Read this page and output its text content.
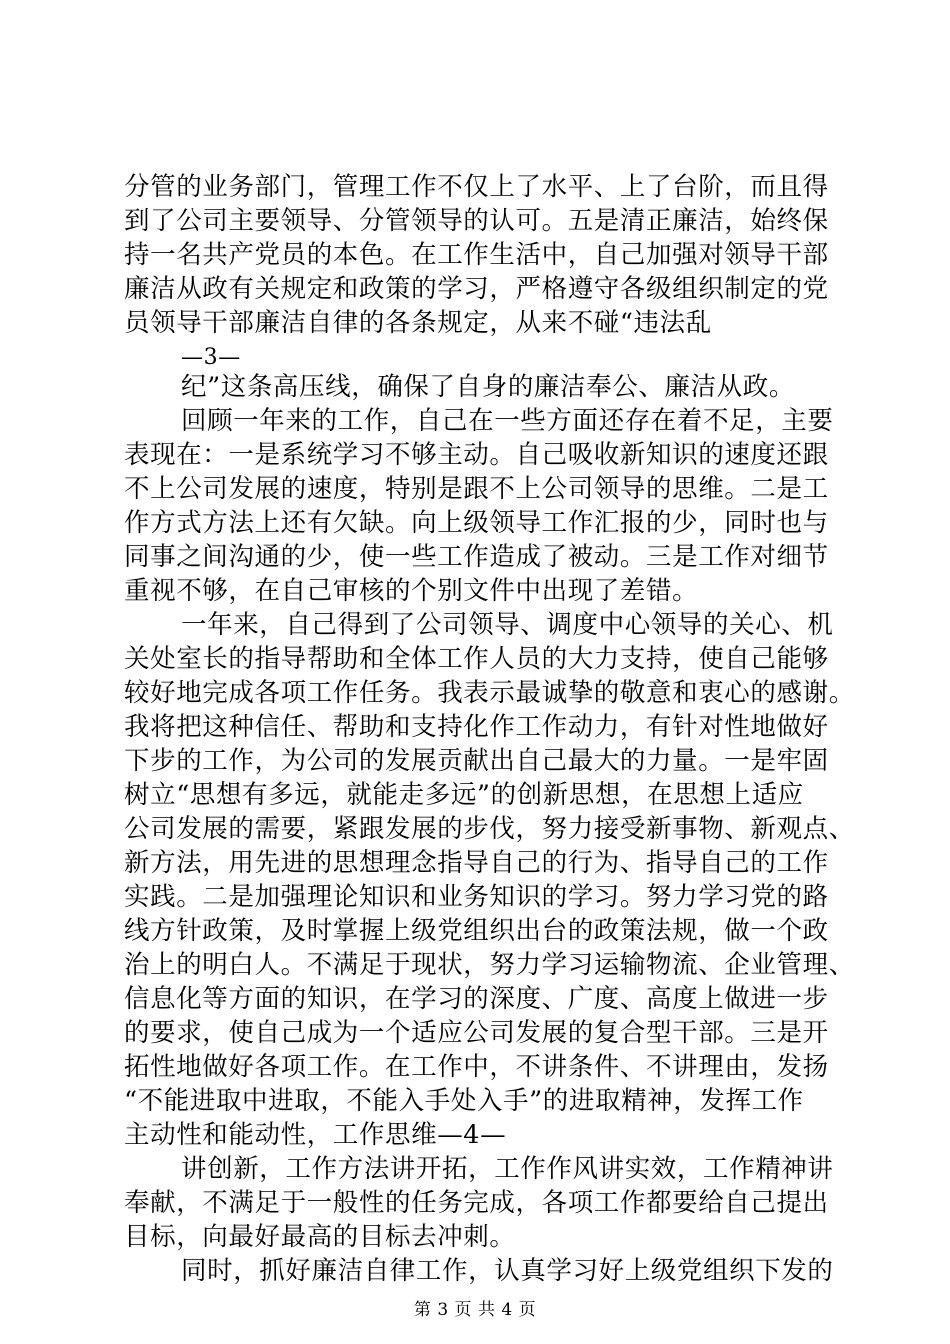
分管的业务部门，管理工作不仅上了水平、上了台阶，而且得
到了公司主要领导、分管领导的认可。五是清正廉洁，始终保
持一名共产党员的本色。在工作生活中，自己加强对领导干部
廉洁从政有关规定和政策的学习，严格遵守各级组织制定的党
员领导干部廉洁自律的各条规定，从来不碰“违法乱
—3—
纪”这条高压线，确保了自身的廉洁奉公、廉洁从政。
回顾一年来的工作，自己在一些方面还存在着不足，主要
表现在：一是系统学习不够主动。自己吸收新知识的速度还跟
不上公司发展的速度，特别是跟不上公司领导的思维。二是工
作方式方法上还有欠缺。向上级领导工作汇报的少，同时也与
同事之间沟通的少，使一些工作造成了被动。三是工作对细节
重视不够，在自己审核的个别文件中出现了差错。
一年来，自己得到了公司领导、调度中心领导的关心、机
关处室长的指导帮助和全体工作人员的大力支持，使自己能够
较好地完成各项工作任务。我表示最诚挚的敬意和衷心的感谢。
我将把这种信任、帮助和支持化作工作动力，有针对性地做好
下步的工作，为公司的发展贡献出自己最大的力量。一是牢固
树立“思想有多远，就能走多远”的创新思想，在思想上适应
公司发展的需要，紧跟发展的步伐，努力接受新事物、新观点、
新方法，用先进的思想理念指导自己的行为、指导自己的工作
实践。二是加强理论知识和业务知识的学习。努力学习党的路
线方针政策，及时掌握上级党组织出台的政策法规，做一个政
治上的明白人。不满足于现状，努力学习运输物流、企业管理、
信息化等方面的知识，在学习的深度、广度、高度上做进一步
的要求，使自己成为一个适应公司发展的复合型干部。三是开
拓性地做好各项工作。在工作中，不讲条件、不讲理由，发扬
“不能进取中进取，不能入手处入手”的进取精神，发挥工作
主动性和能动性，工作思维—4—
讲创新，工作方法讲开拓，工作作风讲实效，工作精神讲
奉献，不满足于一般性的任务完成，各项工作都要给自己提出
目标，向最好最高的目标去冲刺。
同时，抓好廉洁自律工作，认真学习好上级党组织下发的
第 3 页 共 4 页
